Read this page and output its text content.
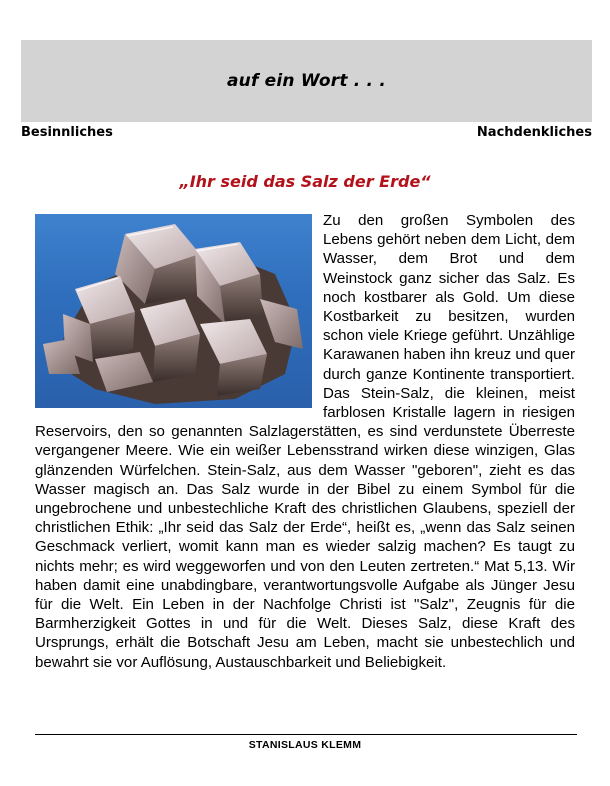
auf ein Wort . . .
Besinnliches	Nachdenkliches
„Ihr seid das Salz der Erde“
Zu den großen Symbolen des Lebens gehört neben dem Licht, dem Wasser, dem Brot und dem Weinstock ganz sicher das Salz. Es noch kostbarer als Gold. Um diese Kostbarkeit zu besitzen, wurden schon viele Kriege geführt. Unzählige Karawanen haben ihn kreuz und quer durch ganze Kontinente transportiert. Das Stein-Salz, die kleinen, meist farblosen Kristalle lagern in riesigen Reservoirs, den so genannten Salzlagerstätten, es sind verdunstete Überreste vergangener Meere. Wie ein weißer Lebensstrand wirken diese winzigen, Glas glänzenden Würfelchen. Stein-Salz, aus dem Wasser "geboren", zieht es das Wasser magisch an. Das Salz wurde in der Bibel zu einem Symbol für die ungebrochene und unbestechliche Kraft des christlichen Glaubens, speziell der christlichen Ethik: „Ihr seid das Salz der Erde“, heißt es, „wenn das Salz seinen Geschmack verliert, womit kann man es wieder salzig machen? Es taugt zu nichts mehr; es wird weggeworfen und von den Leuten zertreten.“ Mat 5,13. Wir haben damit eine unabdingbare, verantwortungsvolle Aufgabe als Jünger Jesu für die Welt. Ein Leben in der Nachfolge Christi ist "Salz", Zeugnis für die Barmherzigkeit Gottes in und für die Welt. Dieses Salz, diese Kraft des Ursprungs, erhält die Botschaft Jesu am Leben, macht sie unbestechlich und bewahrt sie vor Auflösung, Austauschbarkeit und Beliebigkeit.
STANISLAUS KLEMM
